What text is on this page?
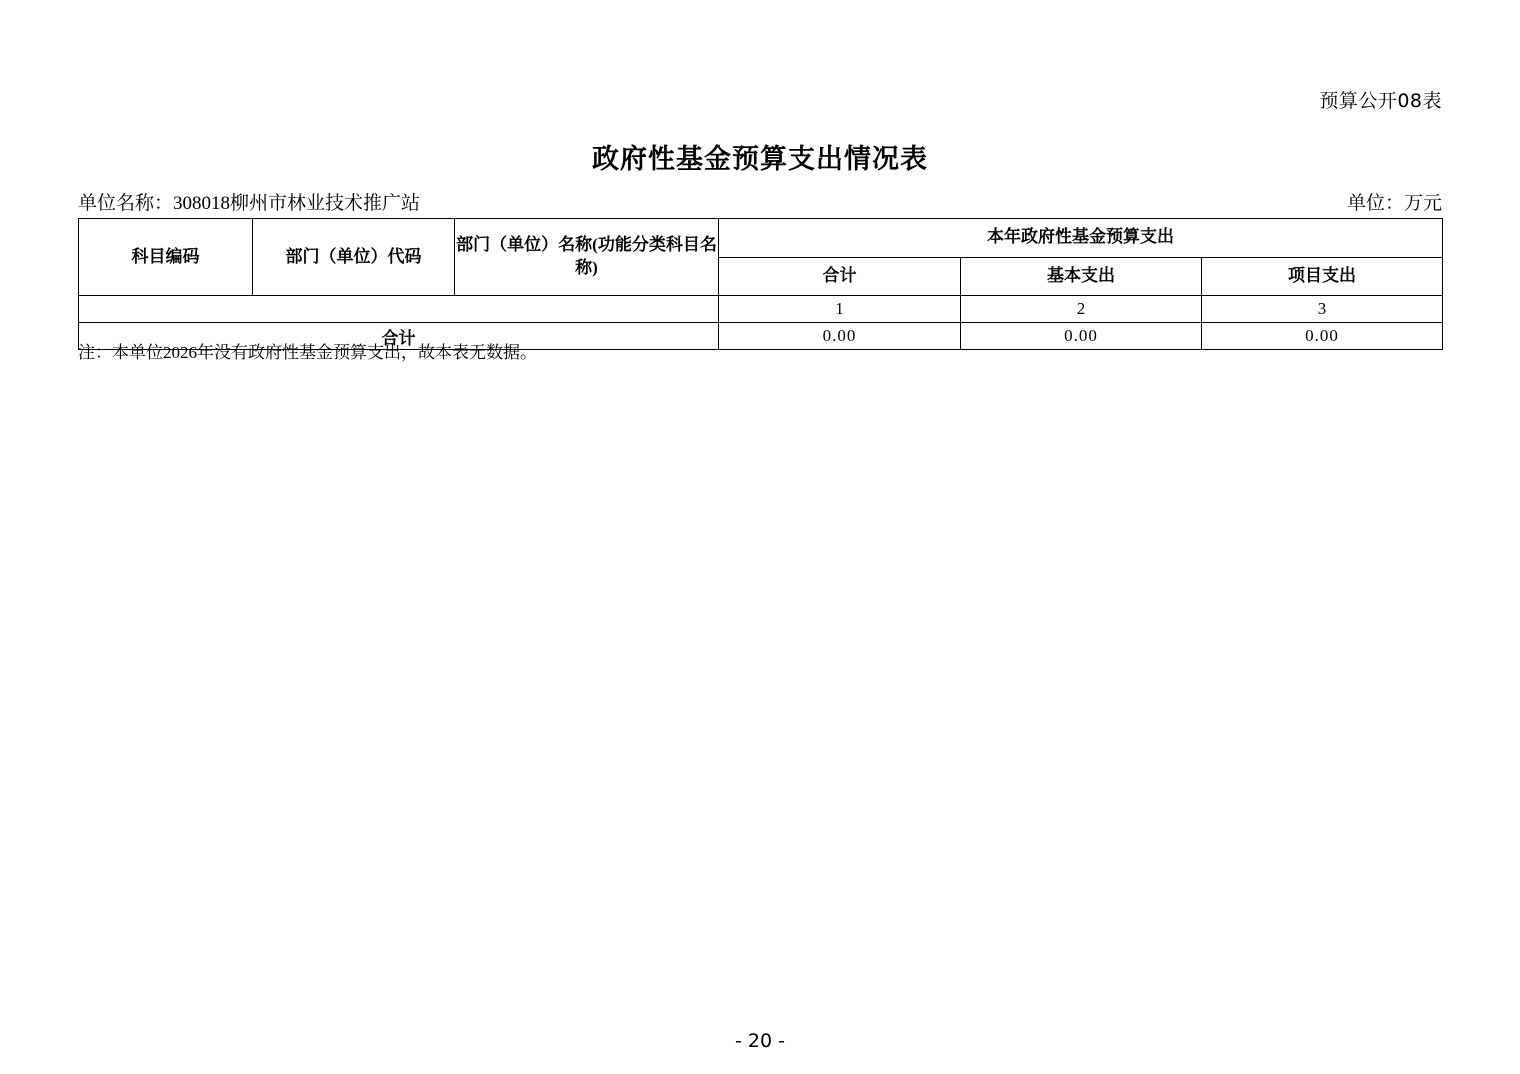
预算公开08表
政府性基金预算支出情况表
单位名称：308018柳州市林业技术推广站	单位：万元
科目编码	部门（单位）代码	部门（单位）名称(功能分类科目名称)	本年政府性基金预算支出		
			合计	基本支出	项目支出
			1	2	3
合计			0.00	0.00	0.00
注：本单位2026年没有政府性基金预算支出，故本表无数据。
- 20 -
